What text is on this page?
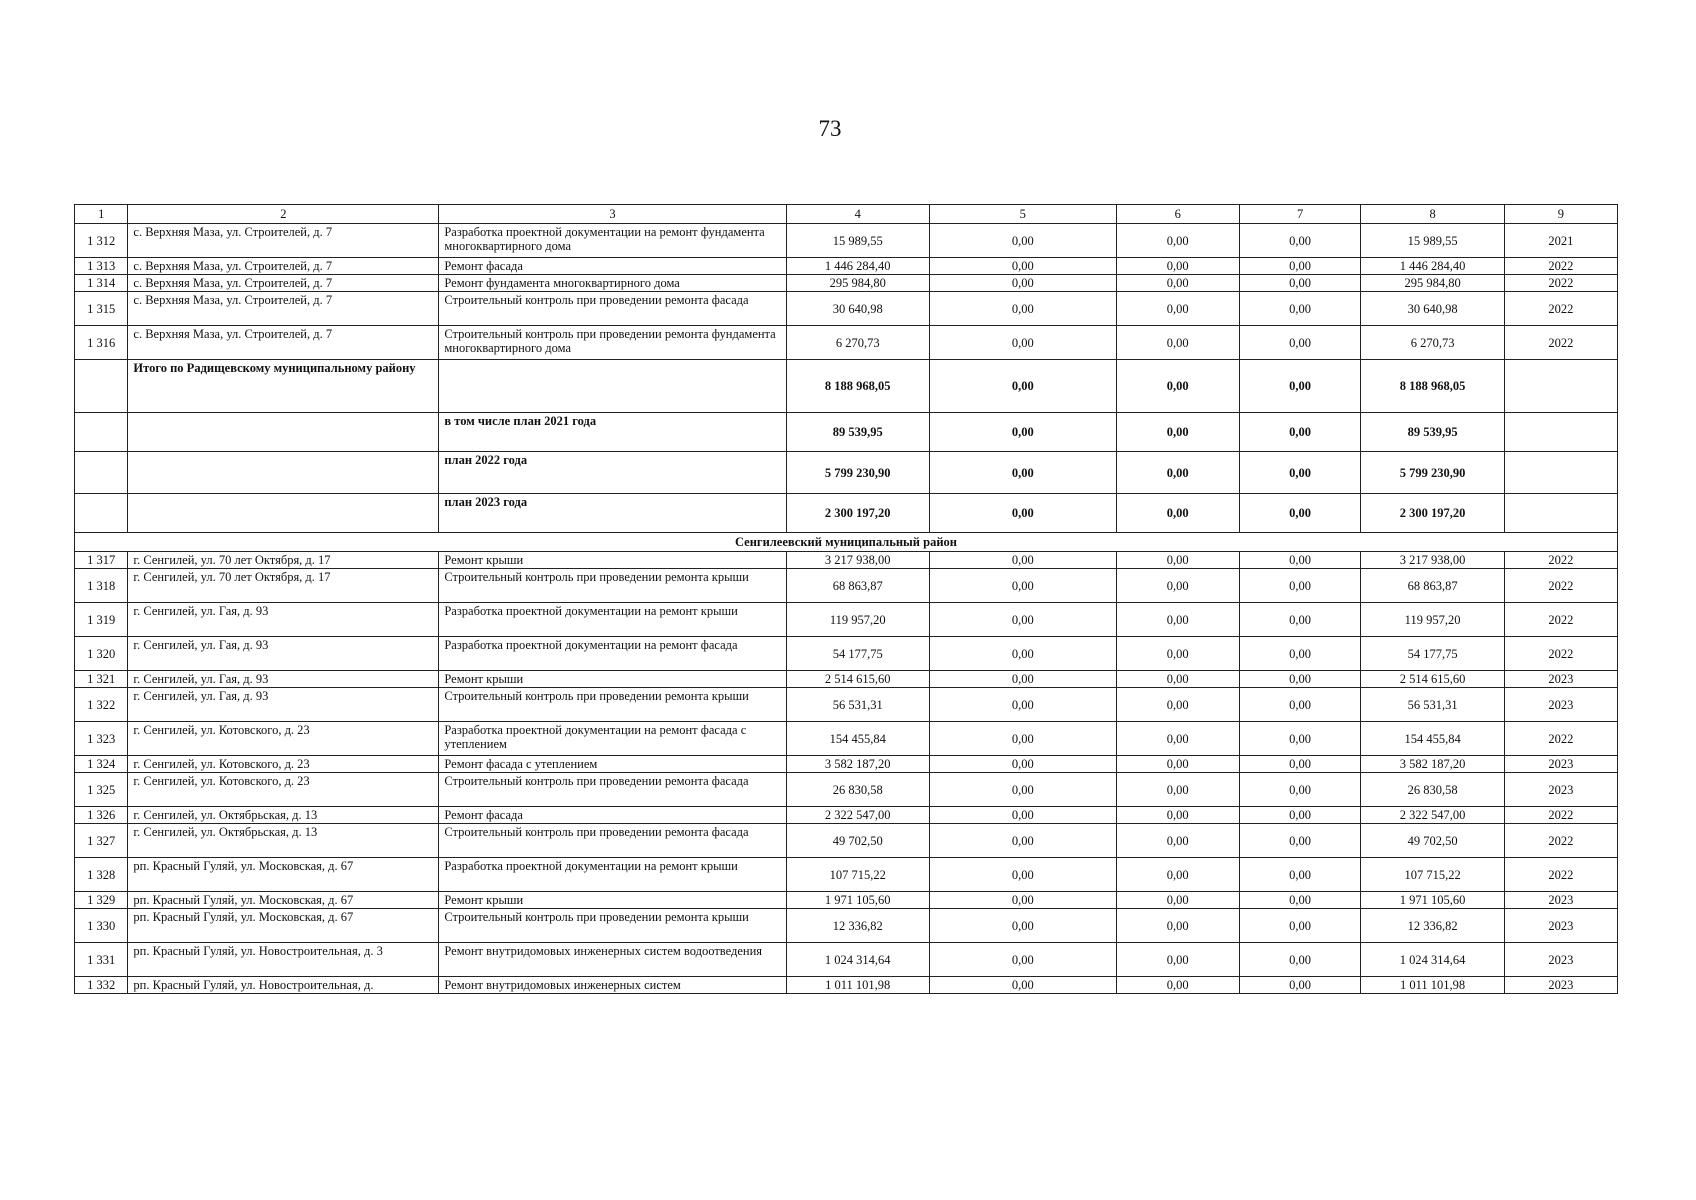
73
1	2	3	4	5	6	7	8	9
1 312	с. Верхняя Маза, ул. Строителей, д. 7	Разработка проектной документации на ремонт фундамента многоквартирного дома	15 989,55	0,00	0,00	0,00	15 989,55	2021
1 313	с. Верхняя Маза, ул. Строителей, д. 7	Ремонт фасада	1 446 284,40	0,00	0,00	0,00	1 446 284,40	2022
1 314	с. Верхняя Маза, ул. Строителей, д. 7	Ремонт фундамента многоквартирного дома	295 984,80	0,00	0,00	0,00	295 984,80	2022
1 315	с. Верхняя Маза, ул. Строителей, д. 7	Строительный контроль при проведении ремонта фасада	30 640,98	0,00	0,00	0,00	30 640,98	2022
1 316	с. Верхняя Маза, ул. Строителей, д. 7	Строительный контроль при проведении ремонта фундамента многоквартирного дома	6 270,73	0,00	0,00	0,00	6 270,73	2022
	Итого по Радищевскому муниципальному району		8 188 968,05	0,00	0,00	0,00	8 188 968,05	
		в том числе план 2021 года	89 539,95	0,00	0,00	0,00	89 539,95	
		план 2022 года	5 799 230,90	0,00	0,00	0,00	5 799 230,90	
		план 2023 года	2 300 197,20	0,00	0,00	0,00	2 300 197,20	
Сенгилеевский муниципальный район								
1 317	г. Сенгилей, ул. 70 лет Октября, д. 17	Ремонт крыши	3 217 938,00	0,00	0,00	0,00	3 217 938,00	2022
1 318	г. Сенгилей, ул. 70 лет Октября, д. 17	Строительный контроль при проведении ремонта крыши	68 863,87	0,00	0,00	0,00	68 863,87	2022
1 319	г. Сенгилей, ул. Гая, д. 93	Разработка проектной документации на ремонт крыши	119 957,20	0,00	0,00	0,00	119 957,20	2022
1 320	г. Сенгилей, ул. Гая, д. 93	Разработка проектной документации на ремонт фасада	54 177,75	0,00	0,00	0,00	54 177,75	2022
1 321	г. Сенгилей, ул. Гая, д. 93	Ремонт крыши	2 514 615,60	0,00	0,00	0,00	2 514 615,60	2023
1 322	г. Сенгилей, ул. Гая, д. 93	Строительный контроль при проведении ремонта крыши	56 531,31	0,00	0,00	0,00	56 531,31	2023
1 323	г. Сенгилей, ул. Котовского, д. 23	Разработка проектной документации на ремонт фасада с утеплением	154 455,84	0,00	0,00	0,00	154 455,84	2022
1 324	г. Сенгилей, ул. Котовского, д. 23	Ремонт фасада с утеплением	3 582 187,20	0,00	0,00	0,00	3 582 187,20	2023
1 325	г. Сенгилей, ул. Котовского, д. 23	Строительный контроль при проведении ремонта фасада	26 830,58	0,00	0,00	0,00	26 830,58	2023
1 326	г. Сенгилей, ул. Октябрьская, д. 13	Ремонт фасада	2 322 547,00	0,00	0,00	0,00	2 322 547,00	2022
1 327	г. Сенгилей, ул. Октябрьская, д. 13	Строительный контроль при проведении ремонта фасада	49 702,50	0,00	0,00	0,00	49 702,50	2022
1 328	рп. Красный Гуляй, ул. Московская, д. 67	Разработка проектной документации на ремонт крыши	107 715,22	0,00	0,00	0,00	107 715,22	2022
1 329	рп. Красный Гуляй, ул. Московская, д. 67	Ремонт крыши	1 971 105,60	0,00	0,00	0,00	1 971 105,60	2023
1 330	рп. Красный Гуляй, ул. Московская, д. 67	Строительный контроль при проведении ремонта крыши	12 336,82	0,00	0,00	0,00	12 336,82	2023
1 331	рп. Красный Гуляй, ул. Новостроительная, д. 3	Ремонт внутридомовых инженерных систем водоотведения	1 024 314,64	0,00	0,00	0,00	1 024 314,64	2023
1 332	рп. Красный Гуляй, ул. Новостроительная, д.	Ремонт внутридомовых инженерных систем	1 011 101,98	0,00	0,00	0,00	1 011 101,98	2023
